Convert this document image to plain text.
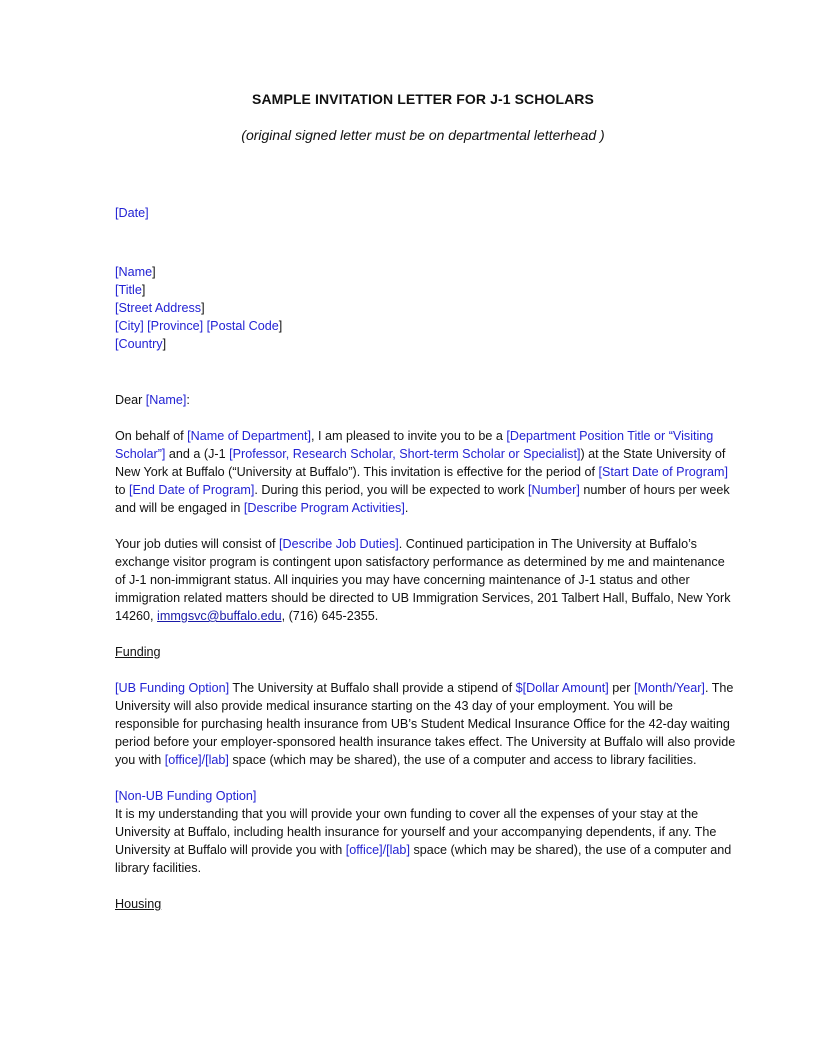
SAMPLE INVITATION LETTER FOR J-1 SCHOLARS
(original signed letter must be on departmental letterhead )

[Date]

[Name]

[Title]

[Street Address]

[City] [Province] [Postal Code]

[Country]

Dear [Name]:

On behalf of [Name of Department], I am pleased to invite you to be a [Department Position Title or “Visiting Scholar”] and a (J-1 [Professor, Research Scholar, Short-term Scholar or Specialist]) at the State University of New York at Buffalo (“University at Buffalo”). This invitation is effective for the period of [Start Date of Program] to [End Date of Program]. During this period, you will be expected to work [Number] number of hours per week and will be engaged in [Describe Program Activities].

Your job duties will consist of [Describe Job Duties]. Continued participation in The University at Buffalo’s exchange visitor program is contingent upon satisfactory performance as determined by me and maintenance of J-1 non-immigrant status. All inquiries you may have concerning maintenance of J-1 status and other immigration related matters should be directed to UB Immigration Services, 201 Talbert Hall, Buffalo, New York 14260, immgsvc@buffalo.edu, (716) 645-2355.

Funding

[UB Funding Option] The University at Buffalo shall provide a stipend of $[Dollar Amount] per [Month/Year]. The University will also provide medical insurance starting on the 43 day of your employment. You will be responsible for purchasing health insurance from UB’s Student Medical Insurance Office for the 42-day waiting period before your employer-sponsored health insurance takes effect. The University at Buffalo will also provide you with [office]/[lab] space (which may be shared), the use of a computer and access to library facilities.

[Non-UB Funding Option]

It is my understanding that you will provide your own funding to cover all the expenses of your stay at the University at Buffalo, including health insurance for yourself and your accompanying dependents, if any. The University at Buffalo will provide you with [office]/[lab] space (which may be shared), the use of a computer and library facilities.

Housing
